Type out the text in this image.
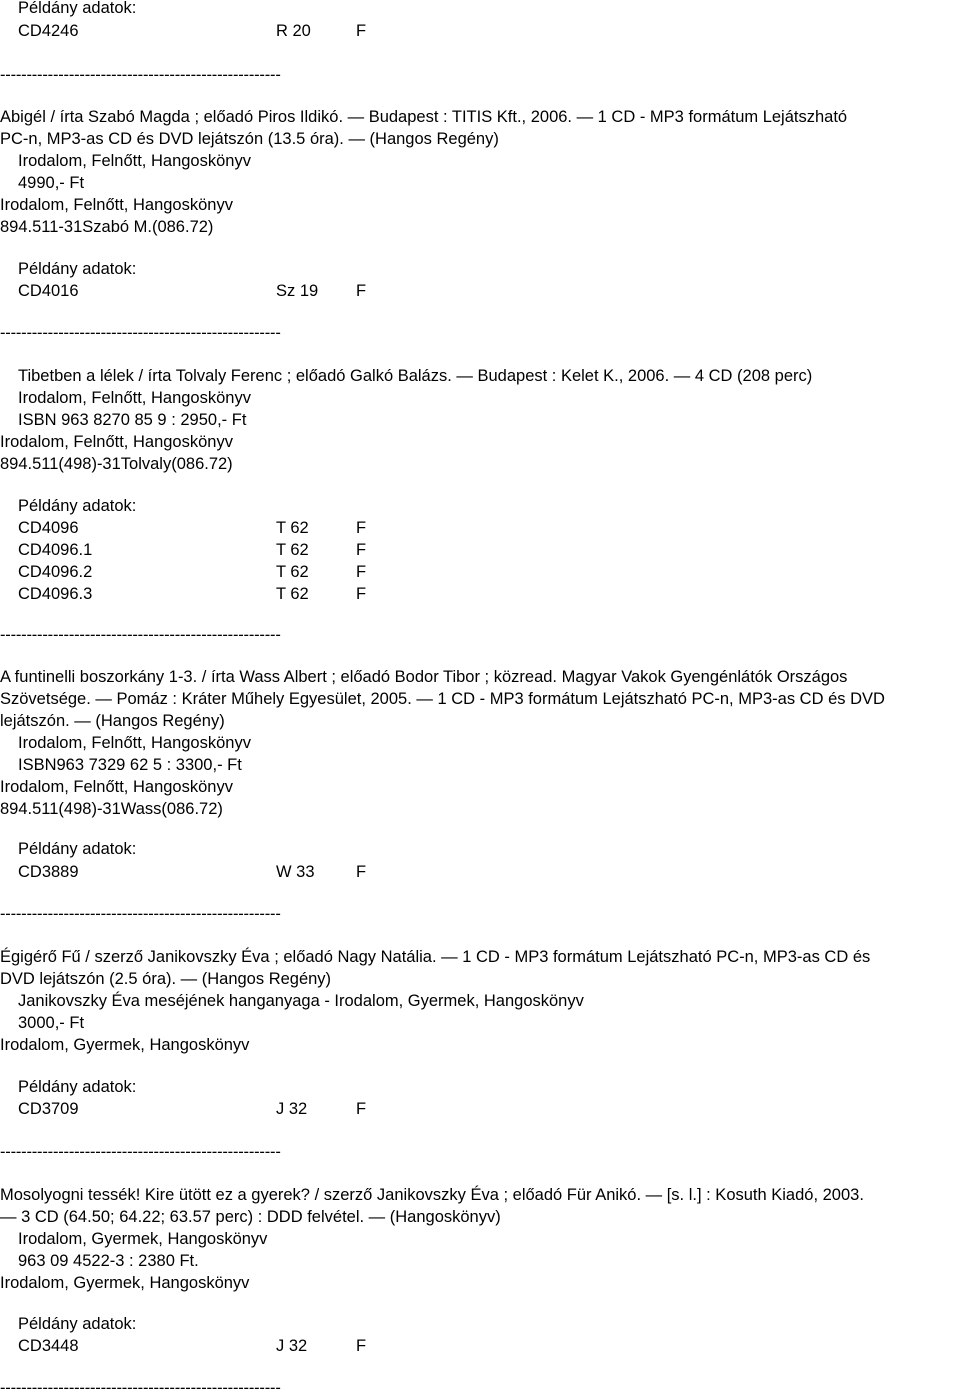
Példány adatok:
CD4246	R 20	F
-----------------------------------------------------
Abigél / írta Szabó Magda ; előadó Piros Ildikó. — Budapest : TITIS Kft., 2006. — 1 CD - MP3 formátum Lejátszható
PC-n, MP3-as CD és DVD lejátszón (13.5 óra). — (Hangos Regény)
Irodalom, Felnőtt, Hangoskönyv
4990,- Ft
Irodalom, Felnőtt, Hangoskönyv
894.511-31Szabó M.(086.72)
Példány adatok:
CD4016	Sz 19 F
-----------------------------------------------------
Tibetben a lélek / írta Tolvaly Ferenc ; előadó Galkó Balázs. — Budapest : Kelet K., 2006. — 4 CD (208 perc)
Irodalom, Felnőtt, Hangoskönyv
ISBN 963 8270 85 9 : 2950,- Ft
Irodalom, Felnőtt, Hangoskönyv
894.511(498)-31Tolvaly(086.72)
Példány adatok:
CD4096	T 62	F
CD4096.1	T 62	F
CD4096.2	T 62	F
CD4096.3	T 62	F
-----------------------------------------------------
A funtinelli boszorkány 1-3. / írta Wass Albert ; előadó Bodor Tibor ; közread. Magyar Vakok Gyengénlátók Országos
Szövetsége. — Pomáz : Kráter Műhely Egyesület, 2005. — 1 CD - MP3 formátum Lejátszható PC-n, MP3-as CD és DVD
lejátszón. — (Hangos Regény)
Irodalom, Felnőtt, Hangoskönyv
ISBN963 7329 62 5 : 3300,- Ft
Irodalom, Felnőtt, Hangoskönyv
894.511(498)-31Wass(086.72)
Példány adatok:
CD3889	W 33	F
-----------------------------------------------------
Égigérő Fű / szerző Janikovszky Éva ; előadó Nagy Natália. — 1 CD - MP3 formátum Lejátszható PC-n, MP3-as CD és
DVD lejátszón (2.5 óra). — (Hangos Regény)
Janikovszky Éva meséjének hanganyaga - Irodalom, Gyermek, Hangoskönyv
3000,- Ft
Irodalom, Gyermek, Hangoskönyv
Példány adatok:
CD3709	J 32	F
-----------------------------------------------------
Mosolyogni tessék! Kire ütött ez a gyerek? / szerző Janikovszky Éva ; előadó Für Anikó. — [s. l.] : Kosuth Kiadó, 2003.
— 3 CD (64.50; 64.22; 63.57 perc) : DDD felvétel. — (Hangoskönyv)
Irodalom, Gyermek, Hangoskönyv
963 09 4522-3 : 2380 Ft.
Irodalom, Gyermek, Hangoskönyv
Példány adatok:
CD3448	J 32	F
-----------------------------------------------------
